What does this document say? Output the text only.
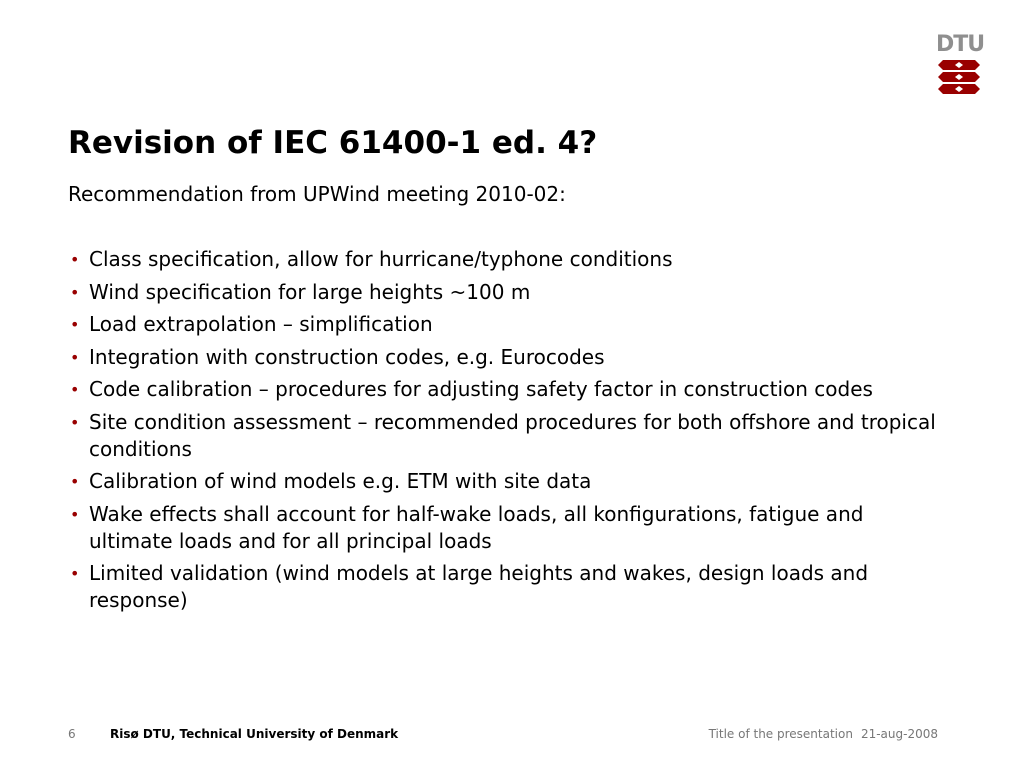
DTU
Revision of IEC 61400-1 ed. 4?
Recommendation from UPWind meeting 2010-02:
• Class specification, allow for hurricane/typhone conditions
• Wind specification for large heights ~100 m
• Load extrapolation – simplification
• Integration with construction codes, e.g. Eurocodes
• Code calibration – procedures for adjusting safety factor in construction codes
• Site condition assessment – recommended procedures for both offshore and tropical conditions
• Calibration of wind models e.g. ETM with site data
• Wake effects shall account for half-wake loads, all konfigurations, fatigue and ultimate loads and for all principal loads
• Limited validation (wind models at large heights and wakes, design loads and response)
6	Risø DTU, Technical University of Denmark	Title of the presentation 21-aug-2008
